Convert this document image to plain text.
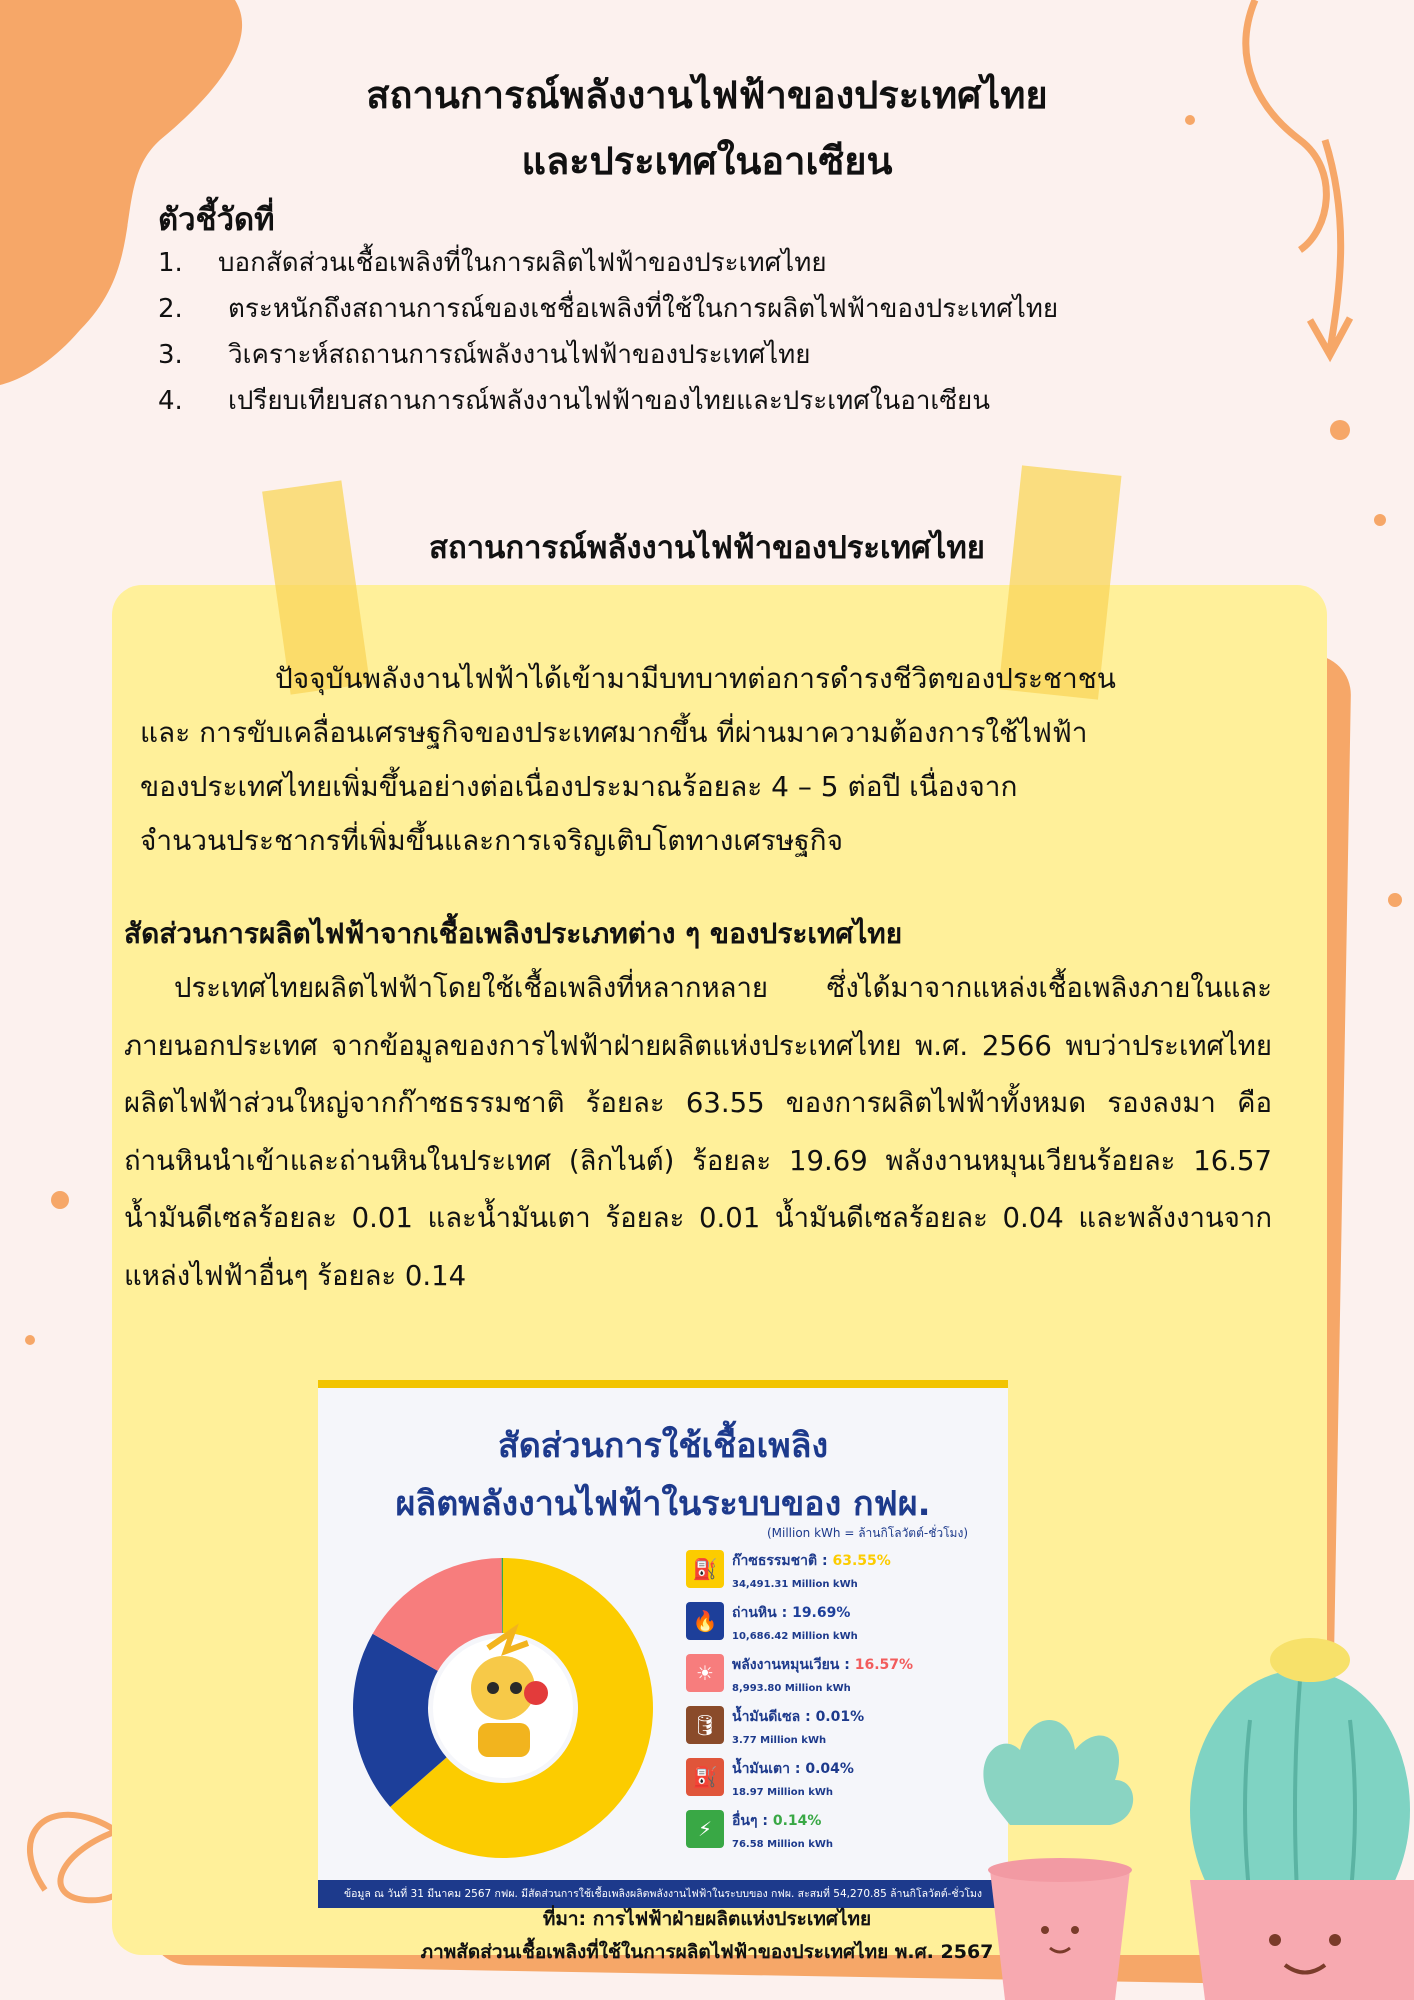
สถานการณ์พลังงานไฟฟ้าของประเทศไทย
และประเทศในอาเซียน
ตัวชี้วัดที่
1.	บอกสัดส่วนเชื้อเพลิงที่ในการผลิตไฟฟ้าของประเทศไทย
2.	ตระหนักถึงสถานการณ์ของเชชื่อเพลิงที่ใช้ในการผลิตไฟฟ้าของประเทศไทย
3.	วิเคราะห์สถถานการณ์พลังงานไฟฟ้าของประเทศไทย
4.	เปรียบเทียบสถานการณ์พลังงานไฟฟ้าของไทยและประเทศในอาเซียน
สถานการณ์พลังงานไฟฟ้าของประเทศไทย

ปัจจุบันพลังงานไฟฟ้าได้เข้ามามีบทบาทต่อการดำรงชีวิตของประชาชน

และ การขับเคลื่อนเศรษฐกิจของประเทศมากขึ้น ที่ผ่านมาความต้องการใช้ไฟฟ้า

ของประเทศไทยเพิ่มขึ้นอย่างต่อเนื่องประมาณร้อยละ 4 – 5 ต่อปี เนื่องจาก

จำนวนประชากรที่เพิ่มขึ้นและการเจริญเติบโตทางเศรษฐกิจ

สัดส่วนการผลิตไฟฟ้าจากเชื้อเพลิงประเภทต่าง ๆ ของประเทศไทย

ประเทศไทยผลิตไฟฟ้าโดยใช้เชื้อเพลิงที่หลากหลาย ซึ่งได้มาจากแหล่งเชื้อเพลิงภายในและภายนอกประเทศ จากข้อมูลของการไฟฟ้าฝ่ายผลิตแห่งประเทศไทย พ.ศ. 2566 พบว่าประเทศไทยผลิตไฟฟ้าส่วนใหญ่จากก๊าซธรรมชาติ ร้อยละ 63.55 ของการผลิตไฟฟ้าทั้งหมด รองลงมา คือ ถ่านหินนำเข้าและถ่านหินในประเทศ (ลิกไนต์) ร้อยละ 19.69 พลังงานหมุนเวียนร้อยละ 16.57 น้ำมันดีเซลร้อยละ 0.01 และน้ำมันเตา ร้อยละ 0.01 น้ำมันดีเซลร้อยละ 0.04 และพลังงานจากแหล่งไฟฟ้าอื่นๆ ร้อยละ 0.14

สัดส่วนการใช้เชื้อเพลิง
ผลิตพลังงานไฟฟ้าในระบบของ กฟผ.
(Million kWh = ล้านกิโลวัตต์-ชั่วโมง)
⛽	ก๊าซธรรมชาติ : 63.55%
34,491.31 Million kWh
🔥	ถ่านหิน : 19.69%
10,686.42 Million kWh
☀	พลังงานหมุนเวียน : 16.57%
8,993.80 Million kWh
🛢	น้ำมันดีเซล : 0.01%
3.77 Million kWh
⛽	น้ำมันเตา : 0.04%
18.97 Million kWh
⚡	อื่นๆ : 0.14%
76.58 Million kWh
ข้อมูล ณ วันที่ 31 มีนาคม 2567 กฟผ. มีสัดส่วนการใช้เชื้อเพลิงผลิตพลังงานไฟฟ้าในระบบของ กฟผ. สะสมที่ 54,270.85 ล้านกิโลวัตต์-ชั่วโมง
ที่มา: การไฟฟ้าฝ่ายผลิตแห่งประเทศไทย
ภาพสัดส่วนเชื้อเพลิงที่ใช้ในการผลิตไฟฟ้าของประเทศไทย พ.ศ. 2567
